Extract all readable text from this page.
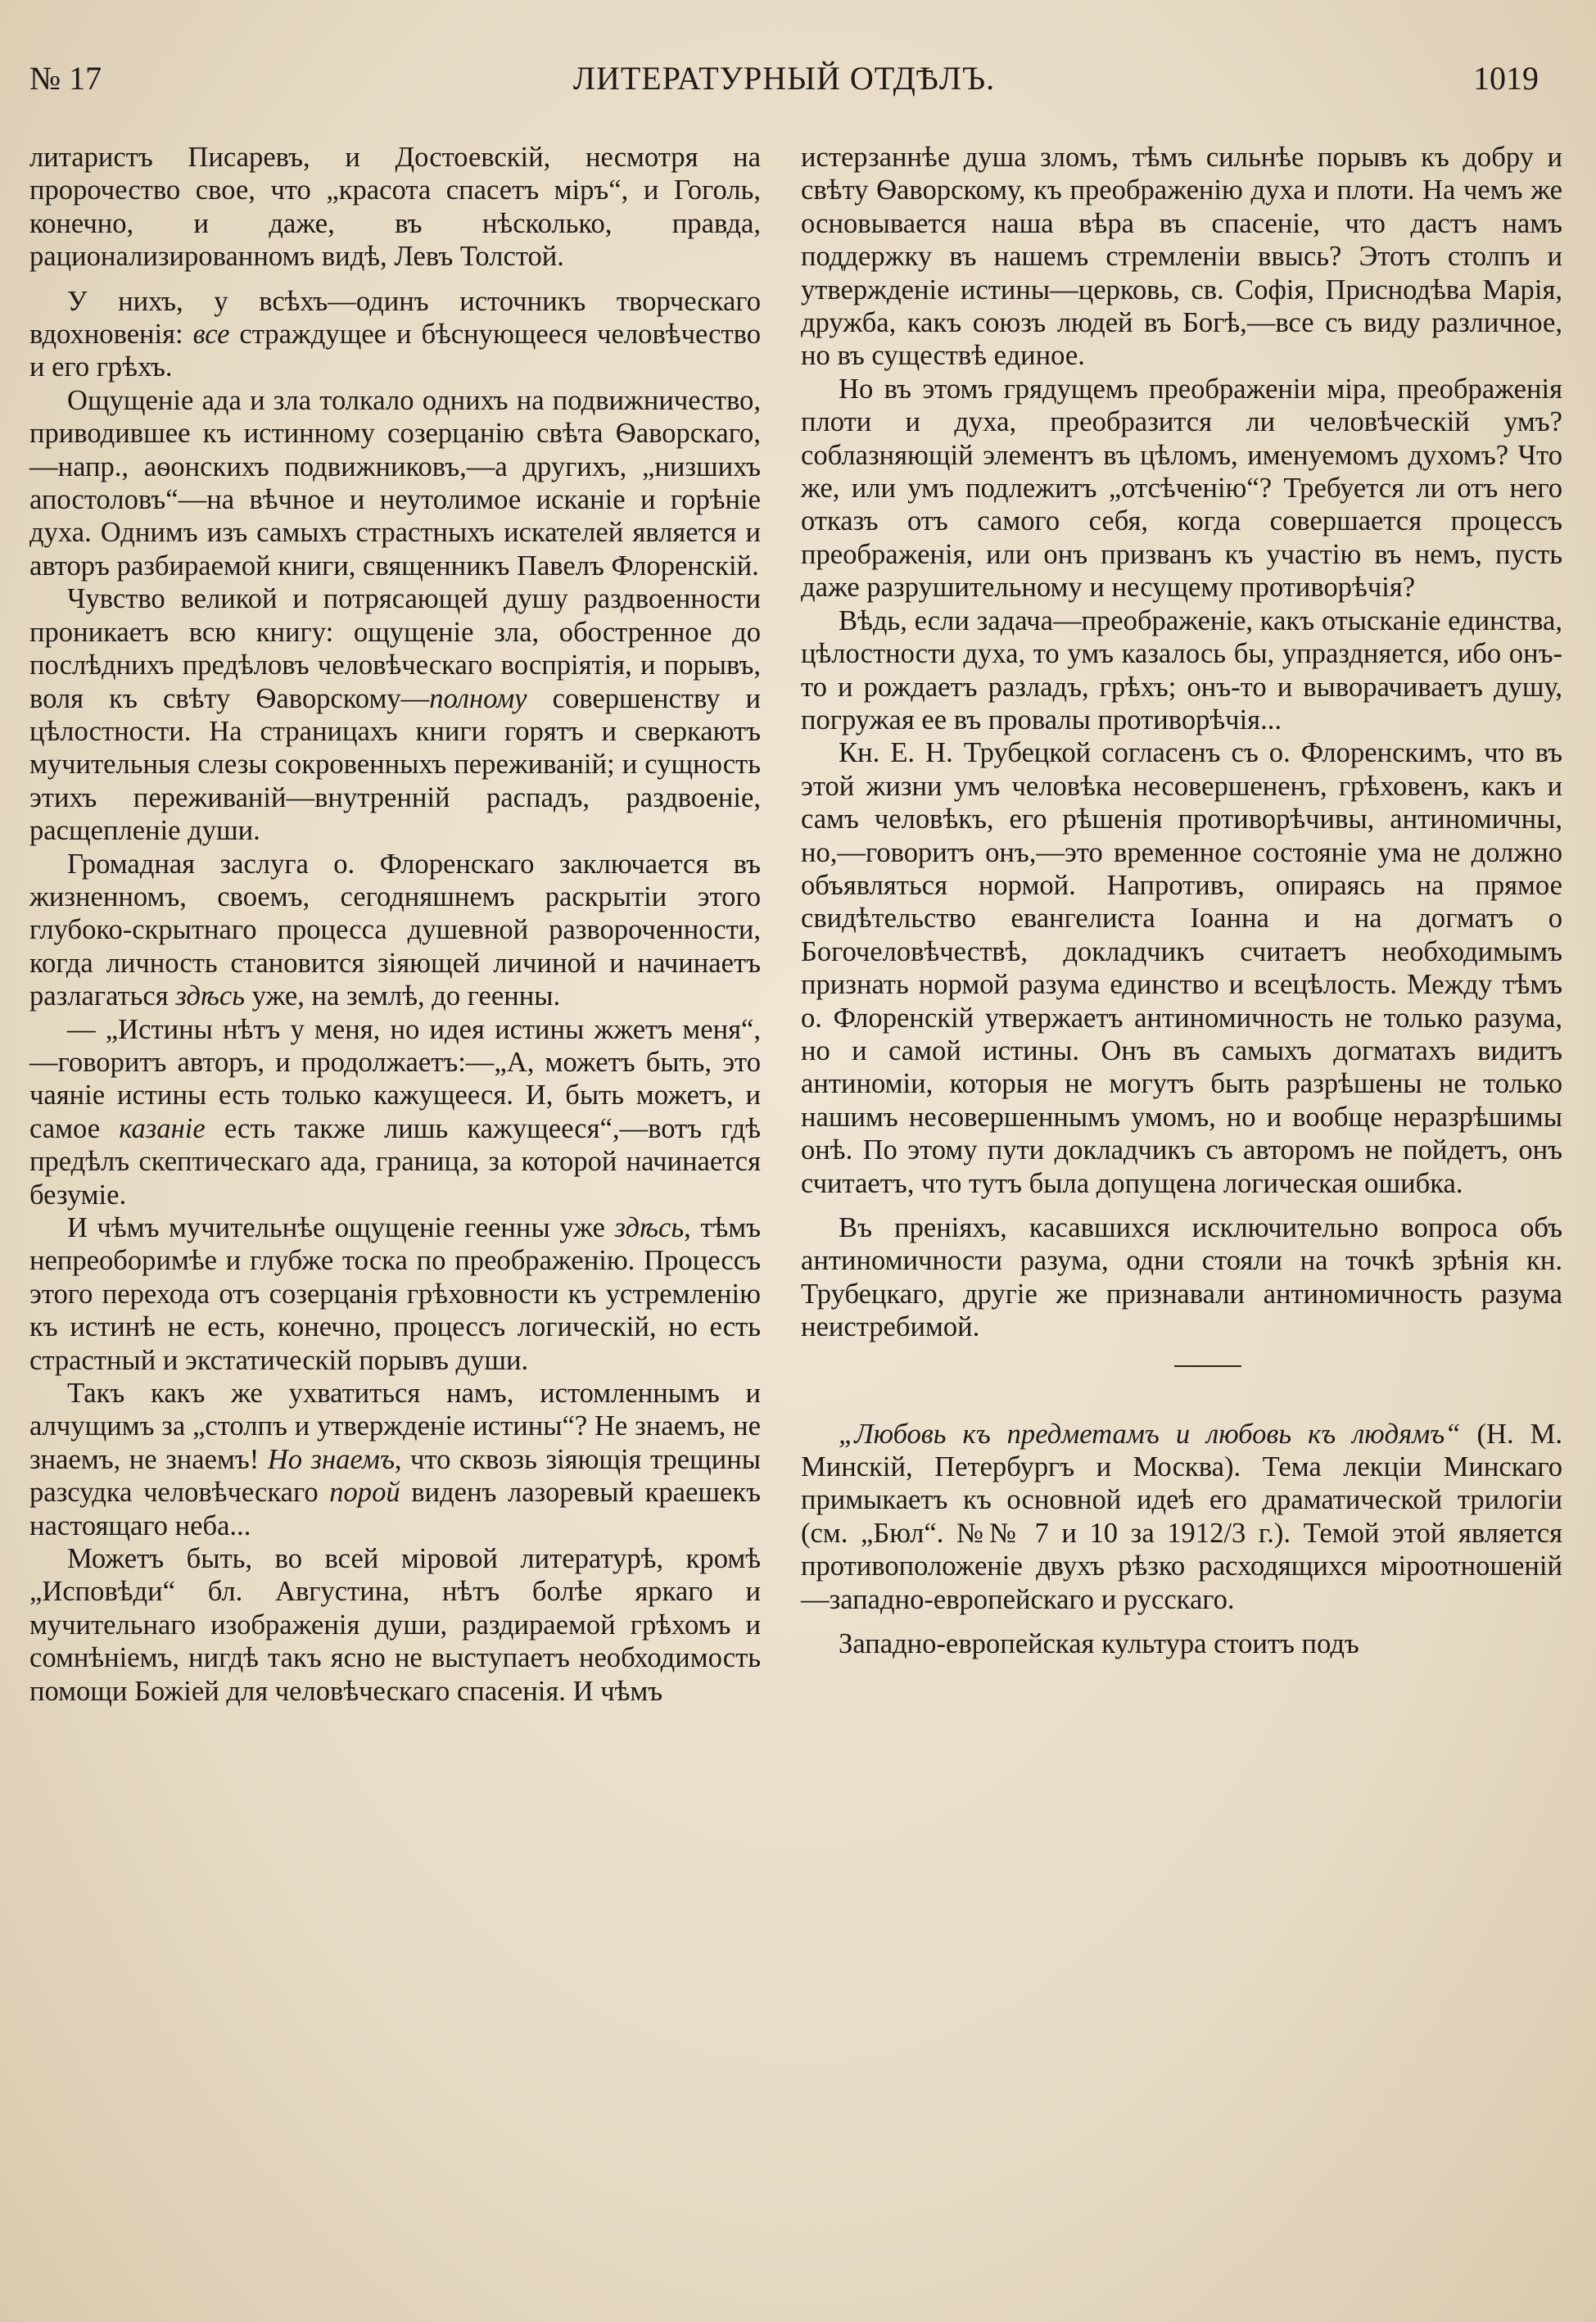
№ 17	ЛИТЕРАТУРНЫЙ ОТДѢЛЪ.	1019

литаристъ Писаревъ, и Достоевскій, несмотря на пророчество свое, что „красота спасетъ міръ“, и Гоголь, конечно, и даже, въ нѣсколько, правда, рационализированномъ видѣ, Левъ Толстой.

У нихъ, у всѣхъ—одинъ источникъ творческаго вдохновенія: все страждущее и бѣснующееся человѣчество и его грѣхъ.

Ощущеніе ада и зла толкало однихъ на подвижничество, приводившее къ истинному созерцанію свѣта Ѳаворскаго,—напр., аѳонскихъ подвижниковъ,—а другихъ, „низшихъ апостоловъ“—на вѣчное и неутолимое исканіе и горѣніе духа. Однимъ изъ самыхъ страстныхъ искателей является и авторъ разбираемой книги, священникъ Павелъ Флоренскій.

Чувство великой и потрясающей душу раздвоенности проникаетъ всю книгу: ощущеніе зла, обостренное до послѣднихъ предѣловъ человѣческаго воспріятія, и порывъ, воля къ свѣту Ѳаворскому—полному совершенству и цѣлостности. На страницахъ книги горятъ и сверкаютъ мучительныя слезы сокровенныхъ переживаній; и сущность этихъ переживаній—внутренній распадъ, раздвоеніе, расщепленіе души.

Громадная заслуга о. Флоренскаго заключается въ жизненномъ, своемъ, сегодняшнемъ раскрытіи этого глубоко-скрытнаго процесса душевной развороченности, когда личность становится зіяющей личиной и начинаетъ разлагаться здѣсь уже, на землѣ, до геенны.

— „Истины нѣтъ у меня, но идея истины жжетъ меня“,—говоритъ авторъ, и продолжаетъ:—„А, можетъ быть, это чаяніе истины есть только кажущееся. И, быть можетъ, и самое казаніе есть также лишь кажущееся“,—вотъ гдѣ предѣлъ скептическаго ада, граница, за которой начинается безуміе.

И чѣмъ мучительнѣе ощущеніе геенны уже здѣсь, тѣмъ непреоборимѣе и глубже тоска по преображенію. Процессъ этого перехода отъ созерцанія грѣховности къ устремленію къ истинѣ не есть, конечно, процессъ логическій, но есть страстный и экстатическій порывъ души.

Такъ какъ же ухватиться намъ, истомленнымъ и алчущимъ за „столпъ и утвержденіе истины“? Не знаемъ, не знаемъ, не знаемъ! Но знаемъ, что сквозь зіяющія трещины разсудка человѣческаго порой виденъ лазоревый краешекъ настоящаго неба...

Можетъ быть, во всей міровой литературѣ, кромѣ „Исповѣди“ бл. Августина, нѣтъ болѣе яркаго и мучительнаго изображенія души, раздираемой грѣхомъ и сомнѣніемъ, нигдѣ такъ ясно не выступаетъ необходимость помощи Божіей для человѣческаго спасенія. И чѣмъ

истерзаннѣе душа зломъ, тѣмъ сильнѣе порывъ къ добру и свѣту Ѳаворскому, къ преображенію духа и плоти. На чемъ же основывается наша вѣра въ спасеніе, что дастъ намъ поддержку въ нашемъ стремленіи ввысь? Этотъ столпъ и утвержденіе истины—церковь, св. Софія, Приснодѣва Марія, дружба, какъ союзъ людей въ Богѣ,—все съ виду различное, но въ существѣ единое.

Но въ этомъ грядущемъ преображеніи міра, преображенія плоти и духа, преобразится ли человѣческій умъ? соблазняющій элементъ въ цѣломъ, именуемомъ духомъ? Что же, или умъ подлежитъ „отсѣченію“? Требуется ли отъ него отказъ отъ самого себя, когда совершается процессъ преображенія, или онъ призванъ къ участію въ немъ, пусть даже разрушительному и несущему противорѣчія?

Вѣдь, если задача—преображеніе, какъ отысканіе единства, цѣлостности духа, то умъ казалось бы, упраздняется, ибо онъ-то и рождаетъ разладъ, грѣхъ; онъ-то и выворачиваетъ душу, погружая ее въ провалы противорѣчія...

Кн. Е. Н. Трубецкой согласенъ съ о. Флоренскимъ, что въ этой жизни умъ человѣка несовершененъ, грѣховенъ, какъ и самъ человѣкъ, его рѣшенія противорѣчивы, антиномичны, но,—говоритъ онъ,—это временное состояніе ума не должно объявляться нормой. Напротивъ, опираясь на прямое свидѣтельство евангелиста Іоанна и на догматъ о Богочеловѣчествѣ, докладчикъ считаетъ необходимымъ признать нормой разума единство и всецѣлость. Между тѣмъ о. Флоренскій утвержаетъ антиномичность не только разума, но и самой истины. Онъ въ самыхъ догматахъ видитъ антиноміи, которыя не могутъ быть разрѣшены не только нашимъ несовершеннымъ умомъ, но и вообще неразрѣшимы онѣ. По этому пути докладчикъ съ авторомъ не пойдетъ, онъ считаетъ, что тутъ была допущена логическая ошибка.

Въ преніяхъ, касавшихся исключительно вопроса объ антиномичности разума, одни стояли на точкѣ зрѣнія кн. Трубецкаго, другіе же признавали антиномичность разума неистребимой.

„Любовь къ предметамъ и любовь къ людямъ“ (Н. М. Минскій, Петербургъ и Москва). Тема лекціи Минскаго примыкаетъ къ основной идеѣ его драматической трилогіи (см. „Бюл“. №№ 7 и 10 за 1912/3 г.). Темой этой является противоположеніе двухъ рѣзко расходящихся міроотношеній—западно-европейскаго и русскаго.

Западно-европейская культура стоитъ подъ
